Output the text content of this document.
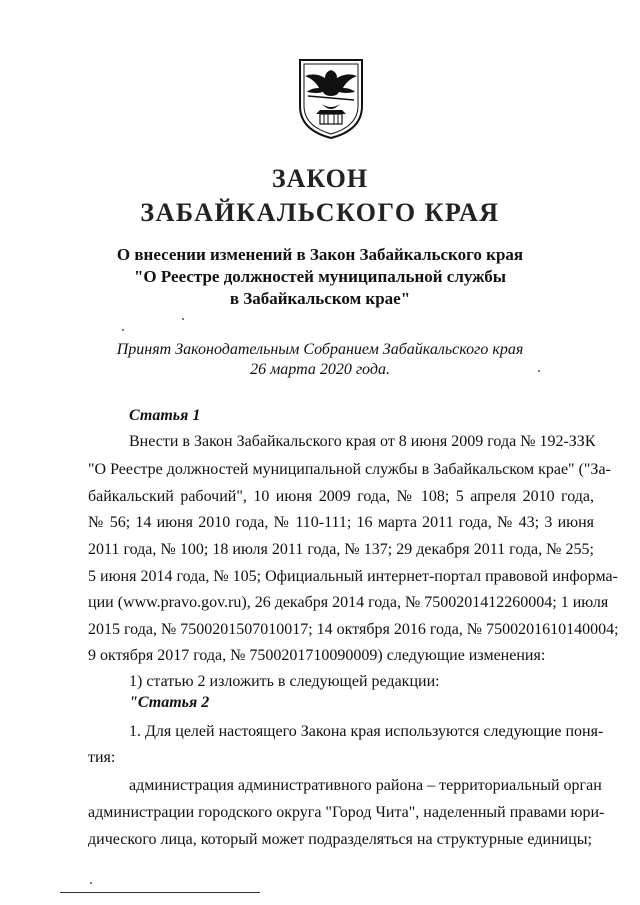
ЗАКОН
ЗАБАЙКАЛЬСКОГО КРАЯ
О внесении изменений в Закон Забайкальского края
"О Реестре должностей муниципальной службы
в Забайкальском крае"
Принят Законодательным Собранием Забайкальского края
26 марта 2020 года.
Статья 1
Внести в Закон Забайкальского края от 8 июня 2009 года № 192-ЗЗК
"О Реестре должностей муниципальной службы в Забайкальском крае" ("За-
байкальский рабочий", 10 июня 2009 года, № 108; 5 апреля 2010 года,
№ 56; 14 июня 2010 года, № 110-111; 16 марта 2011 года, № 43; 3 июня
2011 года, № 100; 18 июля 2011 года, № 137; 29 декабря 2011 года, № 255;
5 июня 2014 года, № 105; Официальный интернет-портал правовой информа-
ции (www.pravo.gov.ru), 26 декабря 2014 года, № 7500201412260004; 1 июля
2015 года, № 7500201507010017; 14 октября 2016 года, № 7500201610140004;
9 октября 2017 года, № 7500201710090009) следующие изменения:
1) статью 2 изложить в следующей редакции:
"Статья 2
1. Для целей настоящего Закона края используются следующие поня-
тия:
администрация административного района – территориальный орган
администрации городского округа "Город Чита", наделенный правами юри-
дического лица, который может подразделяться на структурные единицы;
